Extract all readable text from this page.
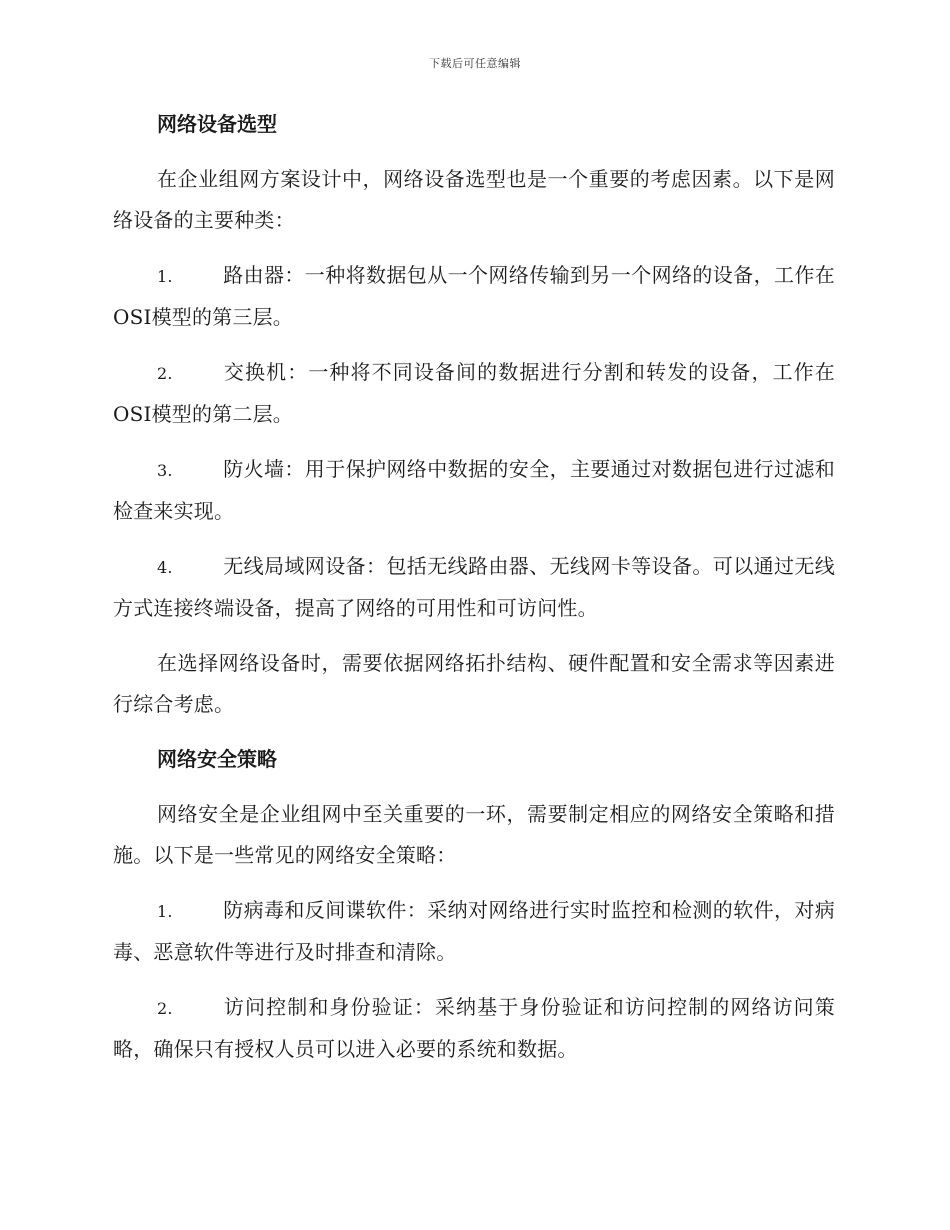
下载后可任意编辑
网络设备选型

在企业组网方案设计中，网络设备选型也是一个重要的考虑因素。以下是网络设备的主要种类：

1.	路由器：一种将数据包从一个网络传输到另一个网络的设备，工作在OSI模型的第三层。

2.	交换机：一种将不同设备间的数据进行分割和转发的设备，工作在OSI模型的第二层。

3.	防火墙：用于保护网络中数据的安全，主要通过对数据包进行过滤和检查来实现。

4.	无线局域网设备：包括无线路由器、无线网卡等设备。可以通过无线方式连接终端设备，提高了网络的可用性和可访问性。

在选择网络设备时，需要依据网络拓扑结构、硬件配置和安全需求等因素进行综合考虑。

网络安全策略

网络安全是企业组网中至关重要的一环，需要制定相应的网络安全策略和措施。以下是一些常见的网络安全策略：

1.	防病毒和反间谍软件：采纳对网络进行实时监控和检测的软件，对病毒、恶意软件等进行及时排查和清除。

2.	访问控制和身份验证：采纳基于身份验证和访问控制的网络访问策略，确保只有授权人员可以进入必要的系统和数据。
